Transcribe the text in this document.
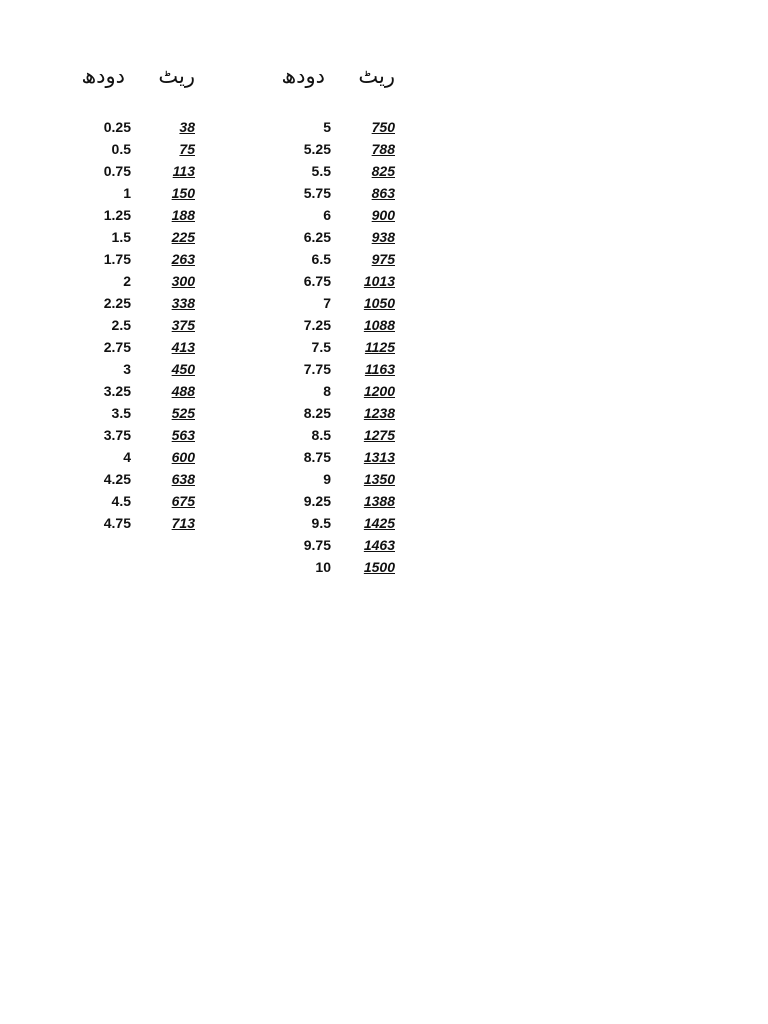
دودھ ریٹ
0.25	38
0.5	75
0.75	113
1	150
1.25	188
1.5	225
1.75	263
2	300
2.25	338
2.5	375
2.75	413
3	450
3.25	488
3.5	525
3.75	563
4	600
4.25	638
4.5	675
4.75	713
دودھ ریٹ
5	750
5.25	788
5.5	825
5.75	863
6	900
6.25	938
6.5	975
6.75 1013
7 1050
7.25 1088
7.5 1125
7.75 1163
8 1200
8.25 1238
8.5 1275
8.75 1313
9 1350
9.25 1388
9.5 1425
9.75 1463
10 1500
